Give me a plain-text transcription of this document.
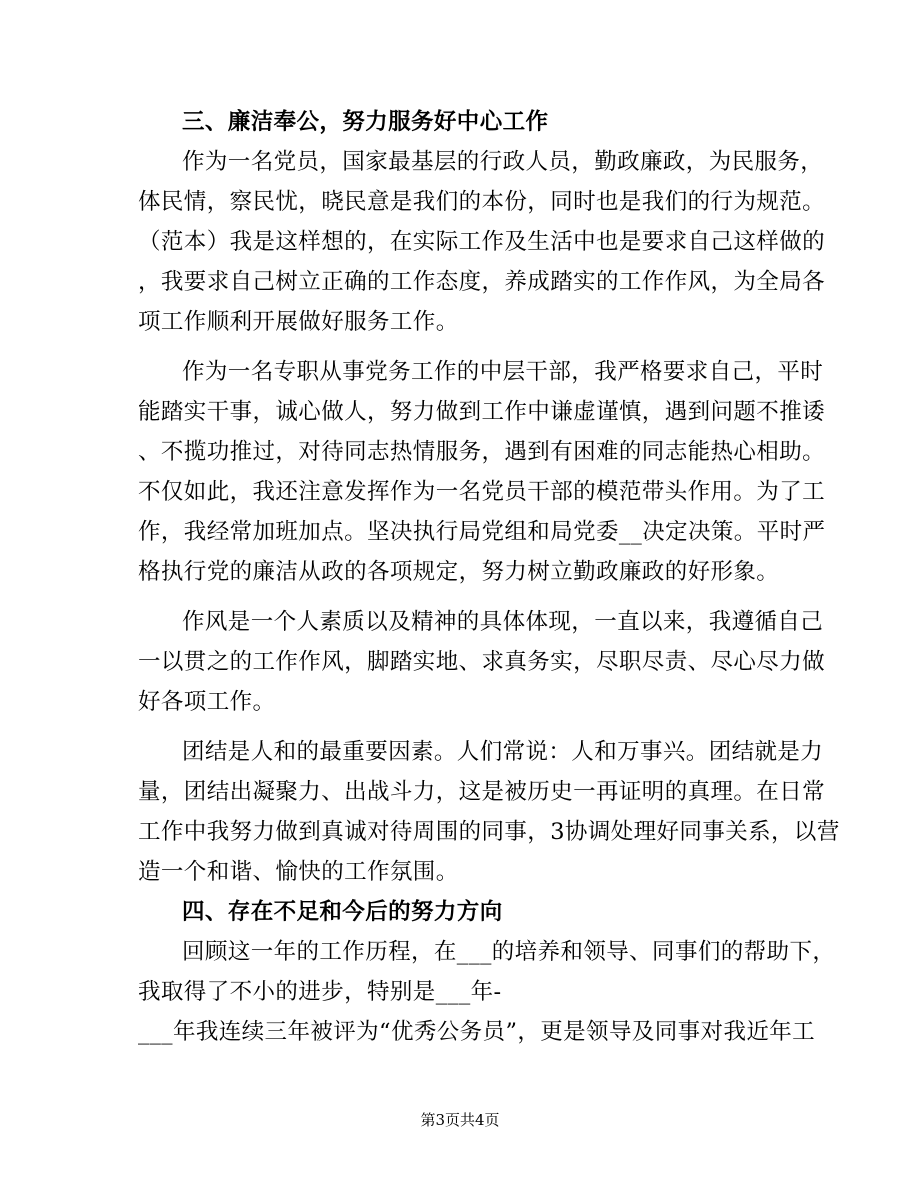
三、廉洁奉公，努力服务好中心工作
作为一名党员，国家最基层的行政人员，勤政廉政，为民服务，
体民情，察民忧，晓民意是我们的本份，同时也是我们的行为规范。
（范本）我是这样想的，在实际工作及生活中也是要求自己这样做的
，我要求自己树立正确的工作态度，养成踏实的工作作风，为全局各
项工作顺利开展做好服务工作。
作为一名专职从事党务工作的中层干部，我严格要求自己，平时
能踏实干事，诚心做人，努力做到工作中谦虚谨慎，遇到问题不推诿
、不揽功推过，对待同志热情服务，遇到有困难的同志能热心相助。
不仅如此，我还注意发挥作为一名党员干部的模范带头作用。为了工
作，我经常加班加点。坚决执行局党组和局党委__决定决策。平时严
格执行党的廉洁从政的各项规定，努力树立勤政廉政的好形象。
作风是一个人素质以及精神的具体体现，一直以来，我遵循自己
一以贯之的工作作风，脚踏实地、求真务实，尽职尽责、尽心尽力做
好各项工作。
团结是人和的最重要因素。人们常说：人和万事兴。团结就是力
量，团结出凝聚力、出战斗力，这是被历史一再证明的真理。在日常
工作中我努力做到真诚对待周围的同事，3协调处理好同事关系，以营
造一个和谐、愉快的工作氛围。
四、存在不足和今后的努力方向
回顾这一年的工作历程，在___的培养和领导、同事们的帮助下，
我取得了不小的进步，特别是___年-
___年我连续三年被评为“优秀公务员”，更是领导及同事对我近年工
第3页共4页
